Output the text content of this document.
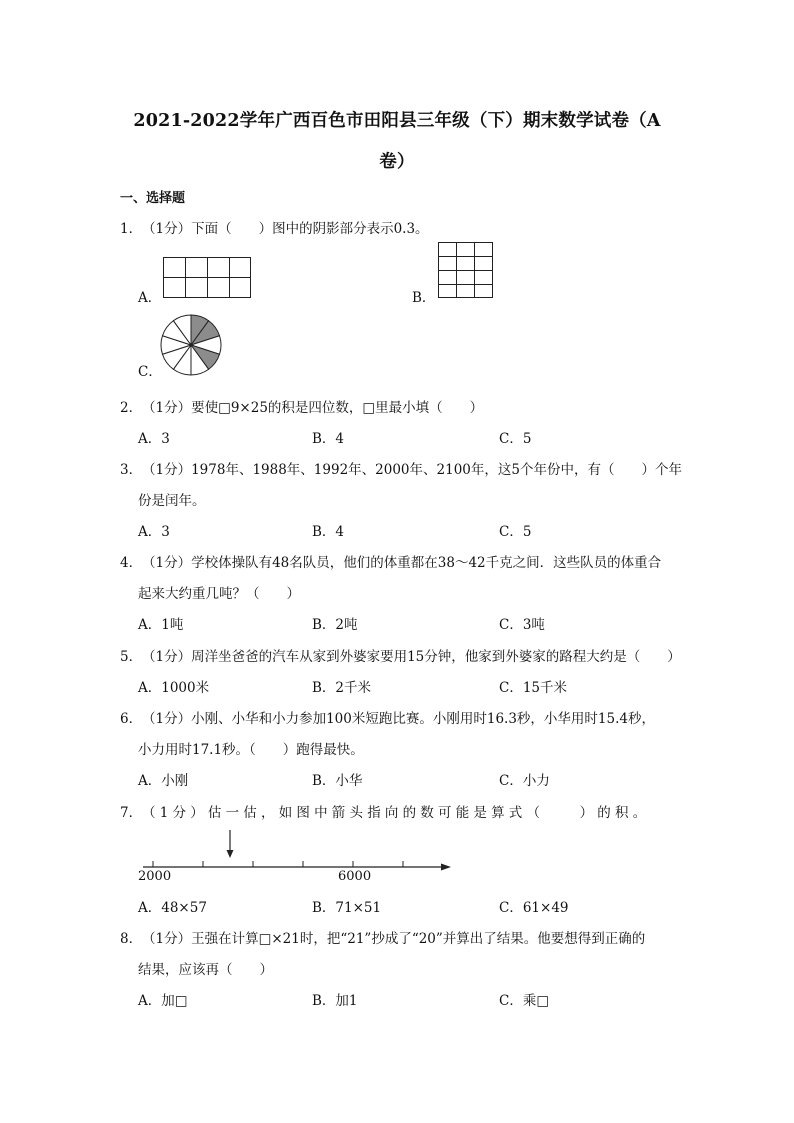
2021-2022学年广西百色市田阳县三年级（下）期末数学试卷（A
卷）
一、选择题
1． （1分）下面（　　）图中的阴影部分表示0.3。
A．	B．
C．
2． （1分）要使□9×25的积是四位数，□里最小填（　　）
A．3	B．4	C．5
3． （1分）1978年、1988年、1992年、2000年、2100年，这5个年份中，有（　　）个年
份是闰年。
A．3	B．4	C．5
4． （1分）学校体操队有48名队员，他们的体重都在38～42千克之间．这些队员的体重合
起来大约重几吨？（　　）
A．1吨	B．2吨	C．3吨
5． （1分）周洋坐爸爸的汽车从家到外婆家要用15分钟，他家到外婆家的路程大约是（　　）
A．1000米	B．2千米	C．15千米
6． （1分）小刚、小华和小力参加100米短跑比赛。小刚用时16.3秒，小华用时15.4秒，
小力用时17.1秒。（　　）跑得最快。
A．小刚	B．小华	C．小力
7． （1分）估一估，如图中箭头指向的数可能是算式（　　）的积。
2000	6000
A．48×57	B．71×51	C．61×49
8． （1分）王强在计算□×21时，把“21”抄成了“20”并算出了结果。他要想得到正确的
结果，应该再（　　）
A．加□	B．加1	C．乘□
